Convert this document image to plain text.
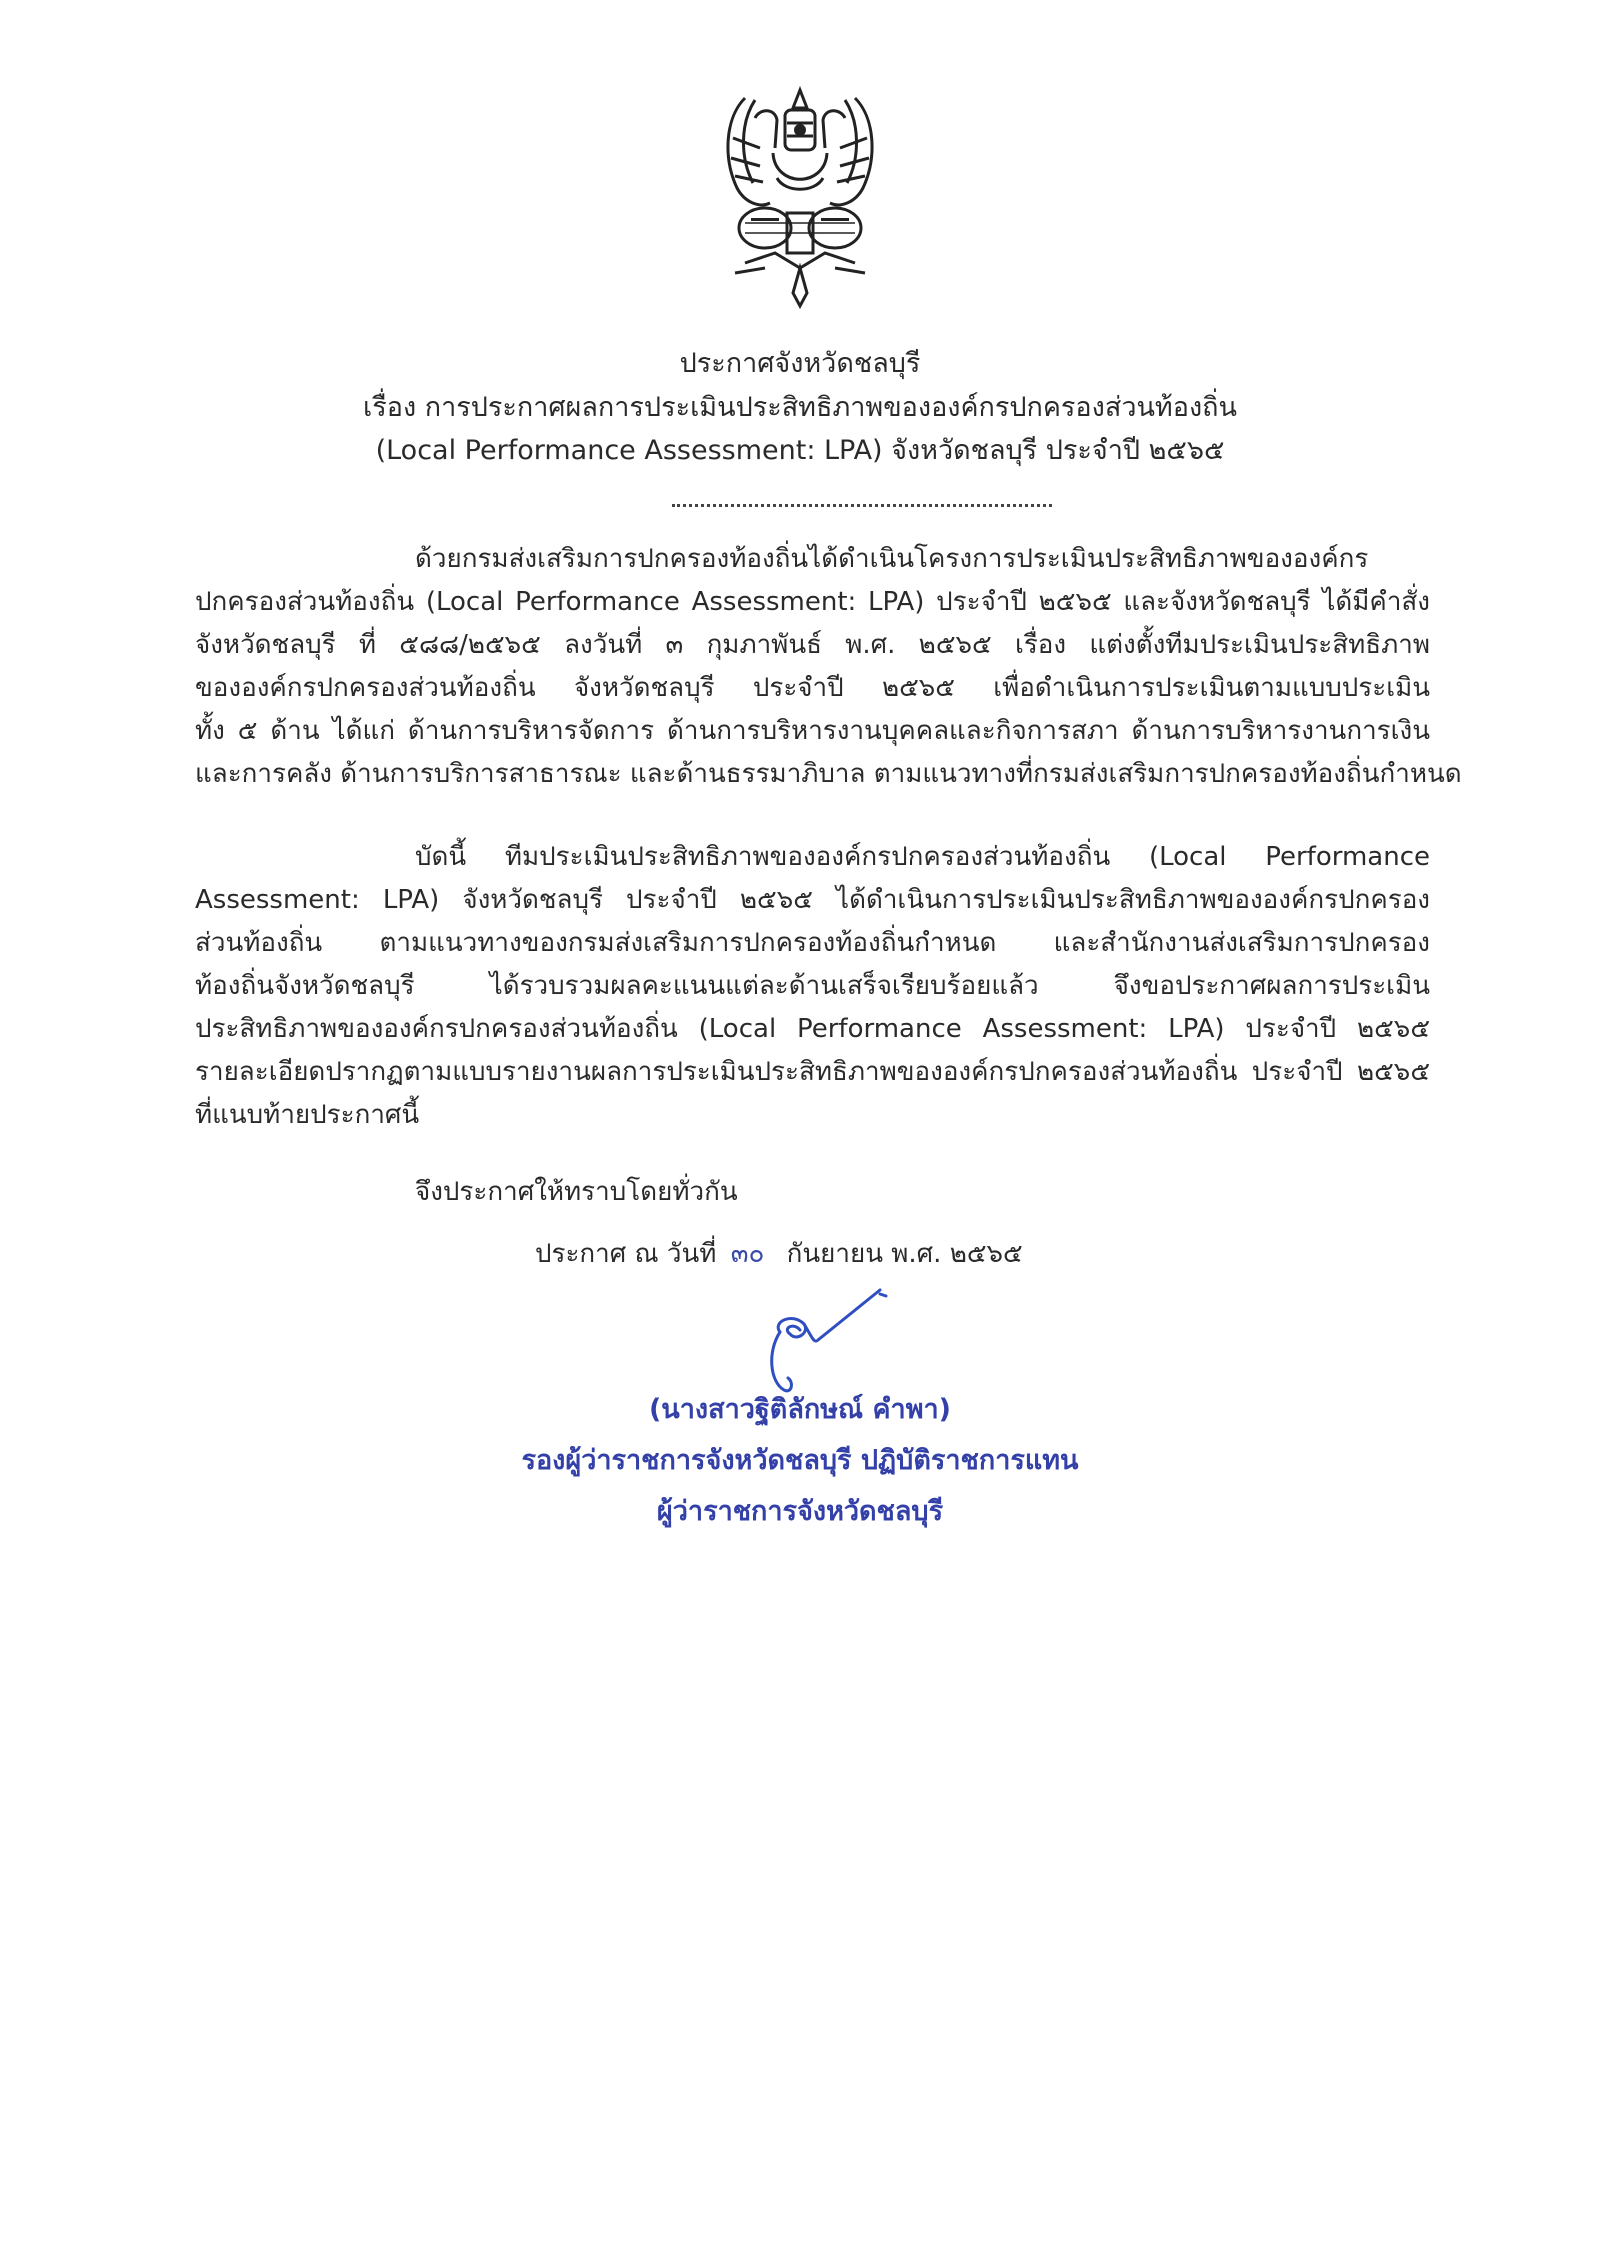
ประกาศจังหวัดชลบุรี
เรื่อง การประกาศผลการประเมินประสิทธิภาพขององค์กรปกครองส่วนท้องถิ่น
(Local Performance Assessment: LPA) จังหวัดชลบุรี ประจำปี ๒๕๖๕
ด้วยกรมส่งเสริมการปกครองท้องถิ่นได้ดำเนินโครงการประเมินประสิทธิภาพขององค์กร
ปกครองส่วนท้องถิ่น (Local Performance Assessment: LPA) ประจำปี ๒๕๖๕ และจังหวัดชลบุรี ได้มีคำสั่ง
จังหวัดชลบุรี ที่ ๕๘๘/๒๕๖๕ ลงวันที่ ๓ กุมภาพันธ์ พ.ศ. ๒๕๖๕ เรื่อง แต่งตั้งทีมประเมินประสิทธิภาพ
ขององค์กรปกครองส่วนท้องถิ่น จังหวัดชลบุรี ประจำปี ๒๕๖๕ เพื่อดำเนินการประเมินตามแบบประเมิน
ทั้ง ๕ ด้าน ได้แก่ ด้านการบริหารจัดการ ด้านการบริหารงานบุคคลและกิจการสภา ด้านการบริหารงานการเงิน
และการคลัง ด้านการบริการสาธารณะ และด้านธรรมาภิบาล ตามแนวทางที่กรมส่งเสริมการปกครองท้องถิ่นกำหนด
บัดนี้ ทีมประเมินประสิทธิภาพขององค์กรปกครองส่วนท้องถิ่น (Local Performance
Assessment: LPA) จังหวัดชลบุรี ประจำปี ๒๕๖๕ ได้ดำเนินการประเมินประสิทธิภาพขององค์กรปกครอง
ส่วนท้องถิ่น ตามแนวทางของกรมส่งเสริมการปกครองท้องถิ่นกำหนด และสำนักงานส่งเสริมการปกครอง
ท้องถิ่นจังหวัดชลบุรี ได้รวบรวมผลคะแนนแต่ละด้านเสร็จเรียบร้อยแล้ว จึงขอประกาศผลการประเมิน
ประสิทธิภาพขององค์กรปกครองส่วนท้องถิ่น (Local Performance Assessment: LPA) ประจำปี ๒๕๖๕
รายละเอียดปรากฏตามแบบรายงานผลการประเมินประสิทธิภาพขององค์กรปกครองส่วนท้องถิ่น ประจำปี ๒๕๖๕
ที่แนบท้ายประกาศนี้
จึงประกาศให้ทราบโดยทั่วกัน
ประกาศ ณ วันที่ ๓๐ กันยายน พ.ศ. ๒๕๖๕
(นางสาวฐิติลักษณ์ คำพา)
รองผู้ว่าราชการจังหวัดชลบุรี ปฏิบัติราชการแทน
ผู้ว่าราชการจังหวัดชลบุรี
